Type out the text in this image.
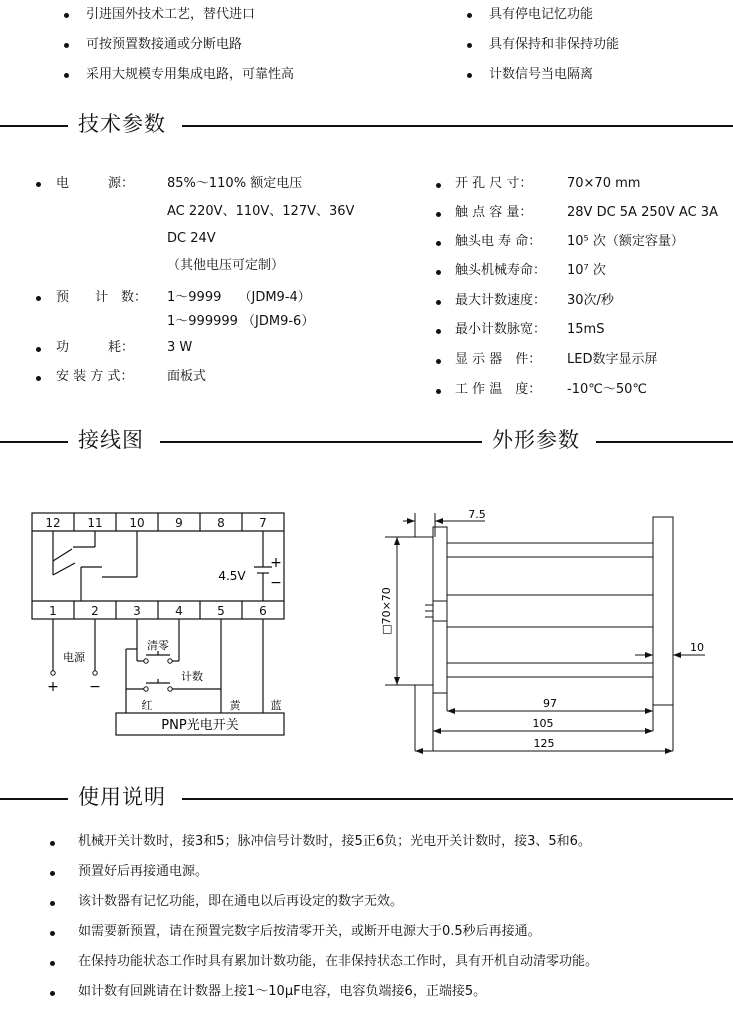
引进国外技术工艺，替代进口
可按预置数接通或分断电路
采用大规模专用集成电路，可靠性高
具有停电记忆功能
具有保持和非保持功能
计数信号当电隔离
技术参数
电　　　源：	85%～110% 额定电压
AC 220V、110V、127V、36V
DC 24V
（其他电压可定制）
预　　计　数： 1～9999　 （JDM9-4）
1～999999 （JDM9-6）
功　　　耗：	3 W
安 装 方 式：	面板式
开 孔 尺 寸：	70×70 mm
触 点 容 量：	28V DC 5A 250V AC 3A
触头电 寿 命： 10⁵ 次（额定容量）
触头机械寿命： 10⁷ 次
最大计数速度： 30次/秒
最小计数脉宽： 15mS
显 示 器　件： LED数字显示屏
工 作 温　度： -10℃～50℃
接线图	外形参数
12 11 10	9	8	7
1	2	3	4	5	6
4.5V
+
−
电源
+ −
清零
计数
红	黄	蓝
PNP光电开关
7.5
□70×70
10
97
105
125
使用说明
机械开关计数时，接3和5；脉冲信号计数时，接5正6负；光电开关计数时，接3、5和6。
预置好后再接通电源。
该计数器有记忆功能，即在通电以后再设定的数字无效。
如需要新预置，请在预置完数字后按清零开关，或断开电源大于0.5秒后再接通。
在保持功能状态工作时具有累加计数功能，在非保持状态工作时，具有开机自动清零功能。
如计数有回跳请在计数器上接1～10μF电容，电容负端接6，正端接5。
